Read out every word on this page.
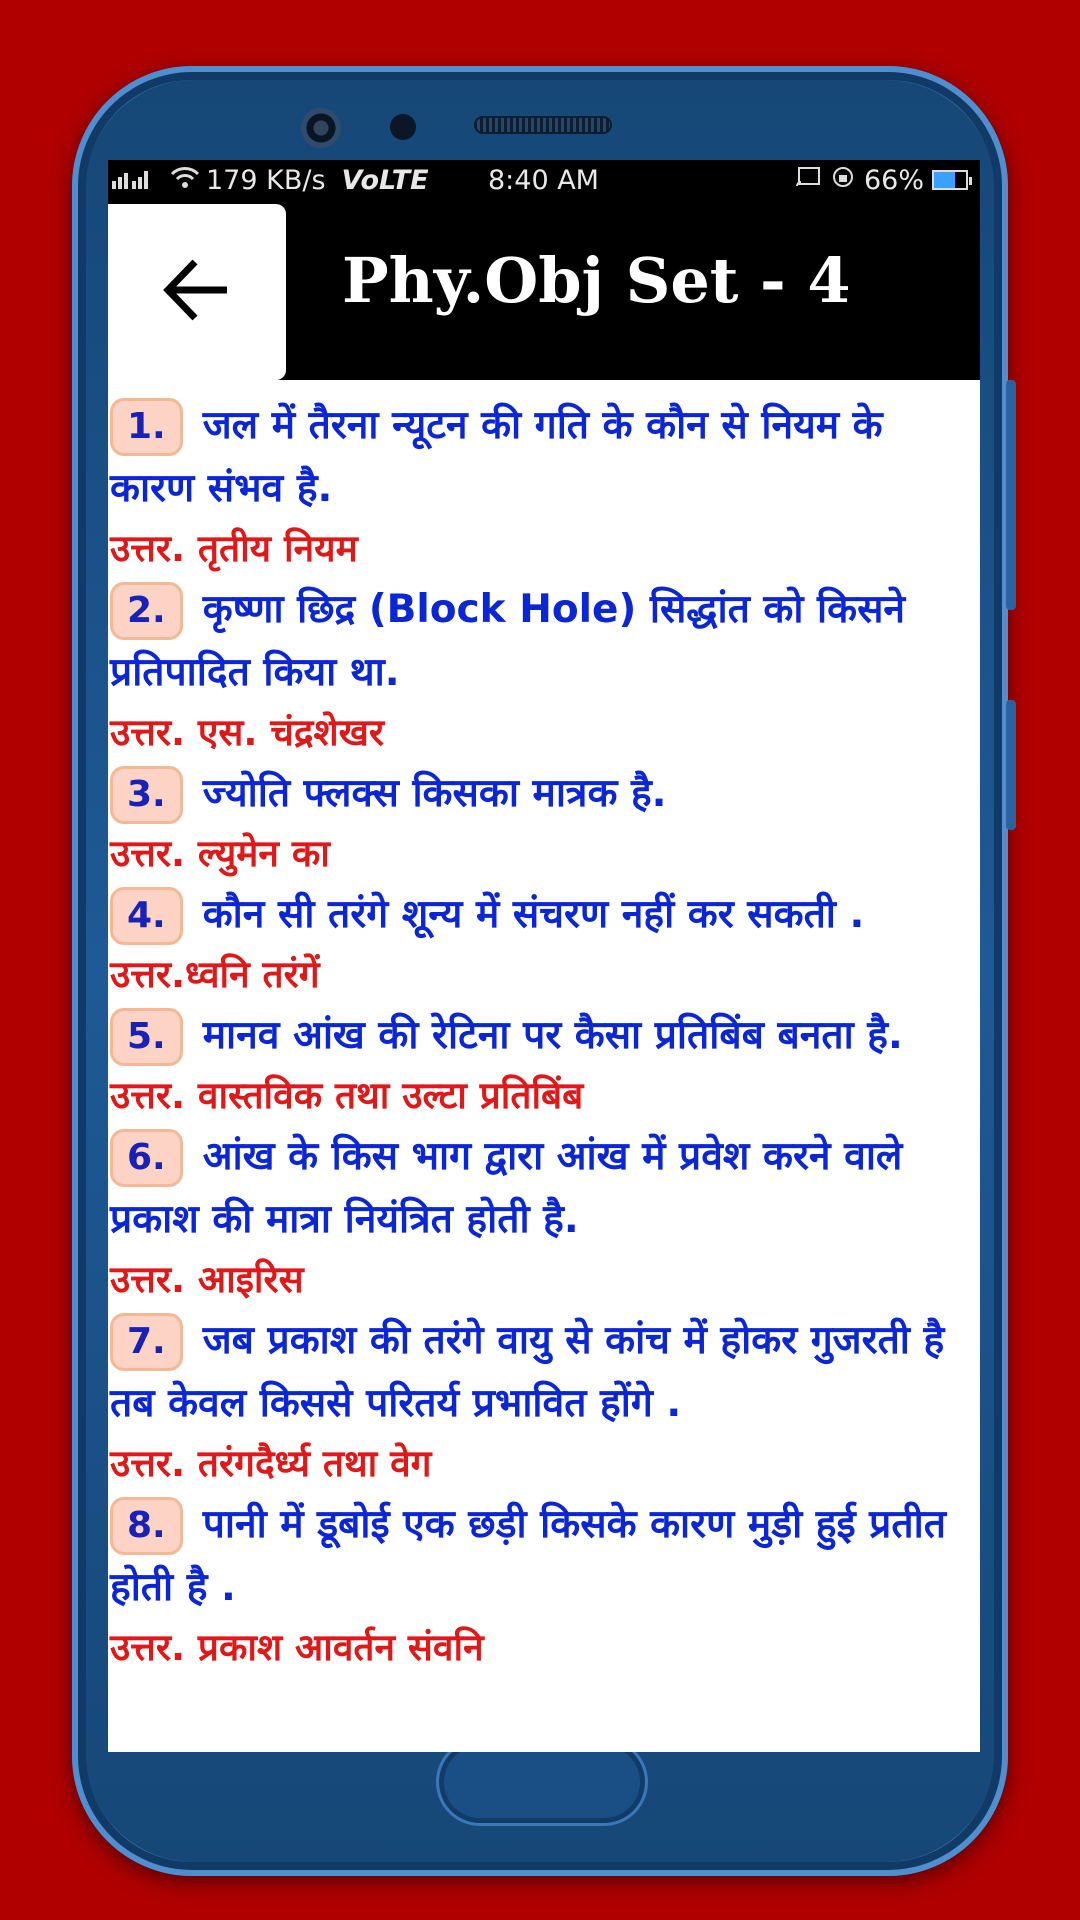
179 KB/s VoLTE 8:40 AM	66%
Phy.Obj Set - 4
1. जल में तैरना न्यूटन की गति के कौन से नियम के कारण संभव है.
उत्तर. तृतीय नियम
2. कृष्णा छिद्र (Block Hole) सिद्धांत को किसने प्रतिपादित किया था.
उत्तर. एस. चंद्रशेखर
3. ज्योति फ्लक्स किसका मात्रक है.
उत्तर. ल्युमेन का
4. कौन सी तरंगे शून्य में संचरण नहीं कर सकती .
उत्तर.ध्वनि तरंगें
5. मानव आंख की रेटिना पर कैसा प्रतिबिंब बनता है.
उत्तर. वास्तविक तथा उल्टा प्रतिबिंब
6. आंख के किस भाग द्वारा आंख में प्रवेश करने वाले प्रकाश की मात्रा नियंत्रित होती है.
उत्तर. आइरिस
7. जब प्रकाश की तरंगे वायु से कांच में होकर गुजरती है तब केवल किससे परितर्य प्रभावित होंगे .
उत्तर. तरंगदैर्ध्य तथा वेग
8. पानी में डूबोई एक छड़ी किसके कारण मुड़ी हुई प्रतीत होती है .
उत्तर. प्रकाश आवर्तन संवनि
